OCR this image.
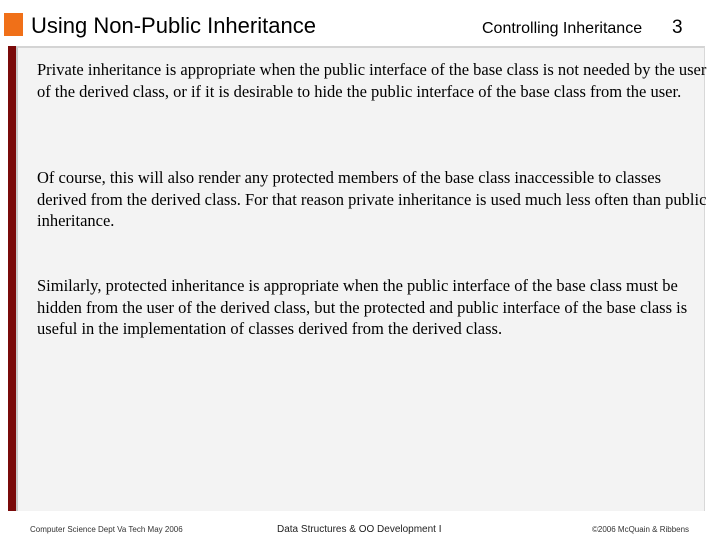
Using Non-Public Inheritance	Controlling Inheritance 3

Private inheritance is appropriate when the public interface of the base class is not needed by the user of the derived class, or if it is desirable to hide the public interface of the base class from the user.

Of course, this will also render any protected members of the base class inaccessible to classes derived from the derived class. For that reason private inheritance is used much less often than public inheritance.

Similarly, protected inheritance is appropriate when the public interface of the base class must be hidden from the user of the derived class, but the protected and public interface of the base class is useful in the implementation of classes derived from the derived class.

Computer Science Dept Va Tech May 2006	Data Structures & OO Development I	©2006 McQuain & Ribbens
